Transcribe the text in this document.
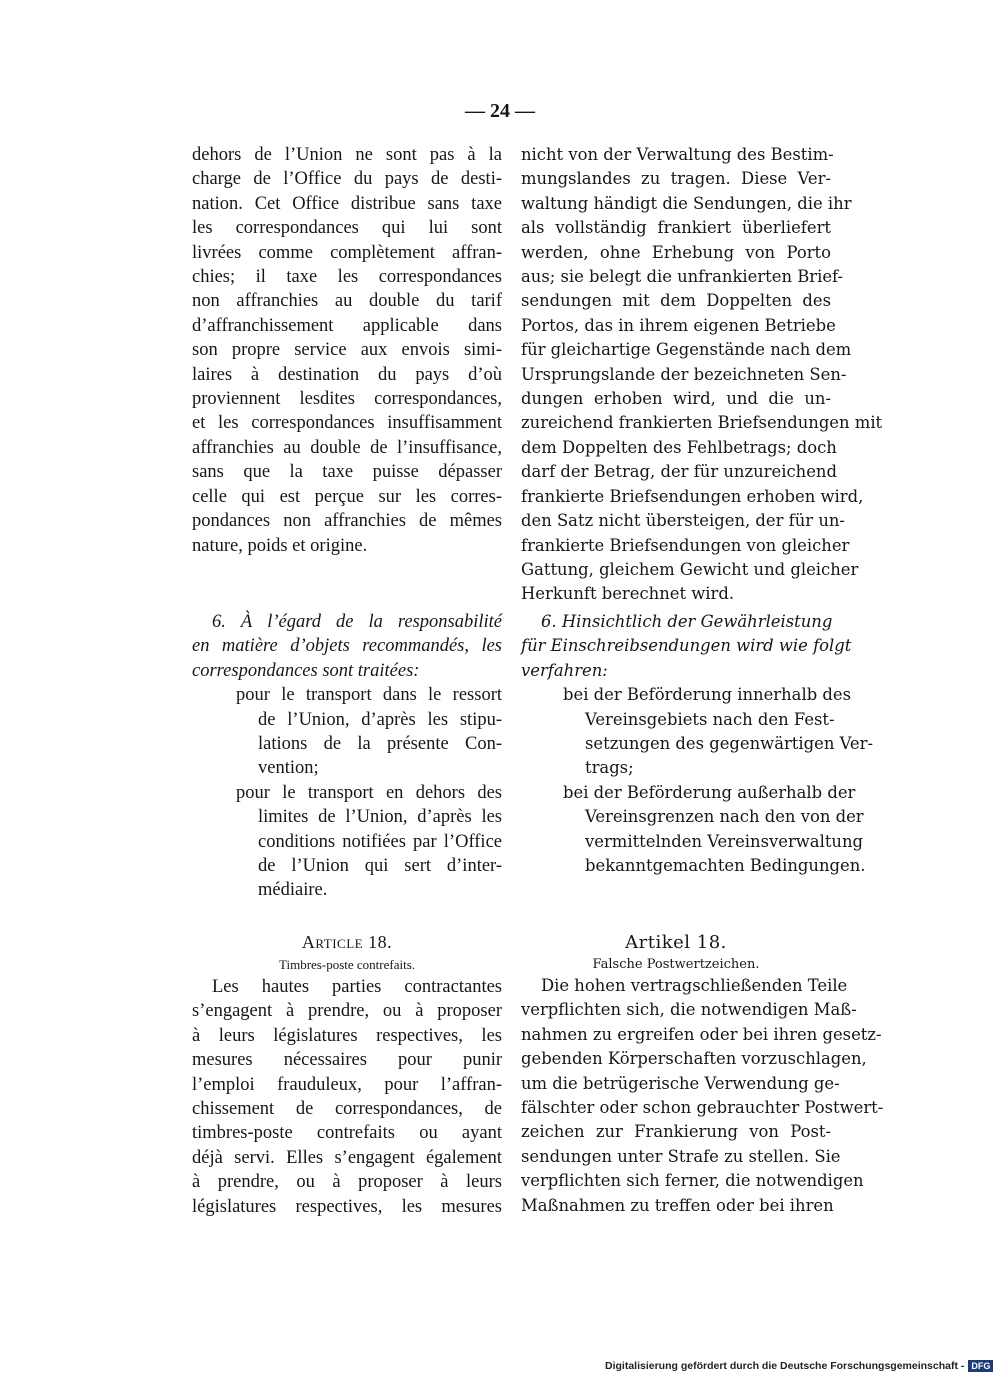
— 24 —

dehors de l’Union ne sont pas à la
charge de l’Office du pays de desti-
nation. Cet Office distribue sans taxe
les correspondances qui lui sont
livrées comme complètement affran-
chies; il taxe les correspondances
non affranchies au double du tarif
d’affranchissement applicable dans
son propre service aux envois simi-
laires à destination du pays d’où
proviennent lesdites correspondances,
et les correspondances insuffisamment
affranchies au double de l’insuffisance,
sans que la taxe puisse dépasser
celle qui est perçue sur les corres-
pondances non affranchies de mêmes
nature, poids et origine.

6. À l’égard de la responsabilité
en matière d’objets recommandés, les
correspondances sont traitées:

pour le transport dans le ressort
de l’Union, d’après les stipu-
lations de la présente Con-
vention;

pour le transport en dehors des
limites de l’Union, d’après les
conditions notifiées par l’Office
de l’Union qui sert d’inter-
médiaire.

Article 18.

Timbres-poste contrefaits.

Les hautes parties contractantes
s’engagent à prendre, ou à proposer
à leurs législatures respectives, les
mesures nécessaires pour punir
l’emploi frauduleux, pour l’affran-
chissement de correspondances, de
timbres-poste contrefaits ou ayant
déjà servi. Elles s’engagent également
à prendre, ou à proposer à leurs
législatures respectives, les mesures

nicht von der Verwaltung des Bestim-
mungslandes zu tragen. Diese Ver-
waltung händigt die Sendungen, die ihr
als vollständig frankiert überliefert
werden, ohne Erhebung von Porto
aus; sie belegt die unfrankierten Brief-
sendungen mit dem Doppelten des
Portos, das in ihrem eigenen Betriebe
für gleichartige Gegenstände nach dem
Ursprungslande der bezeichneten Sen-
dungen erhoben wird, und die un-
zureichend frankierten Briefsendungen mit
dem Doppelten des Fehlbetrags; doch
darf der Betrag, der für unzureichend
frankierte Briefsendungen erhoben wird,
den Satz nicht übersteigen, der für un-
frankierte Briefsendungen von gleicher
Gattung, gleichem Gewicht und gleicher
Herkunft berechnet wird.

6. Hinsichtlich der Gewährleistung
für Einschreibsendungen wird wie folgt
verfahren:

bei der Beförderung innerhalb des
Vereinsgebiets nach den Fest-
setzungen des gegenwärtigen Ver-
trags;

bei der Beförderung außerhalb der
Vereinsgrenzen nach den von der
vermittelnden Vereinsverwaltung
bekanntgemachten Bedingungen.

Artikel 18.

Falsche Postwertzeichen.

Die hohen vertragschließenden Teile
verpflichten sich, die notwendigen Maß-
nahmen zu ergreifen oder bei ihren gesetz-
gebenden Körperschaften vorzuschlagen,
um die betrügerische Verwendung ge-
fälschter oder schon gebrauchter Postwert-
zeichen zur Frankierung von Post-
sendungen unter Strafe zu stellen. Sie
verpflichten sich ferner, die notwendigen
Maßnahmen zu treffen oder bei ihren

Digitalisierung gefördert durch die Deutsche Forschungsgemeinschaft - DFG
